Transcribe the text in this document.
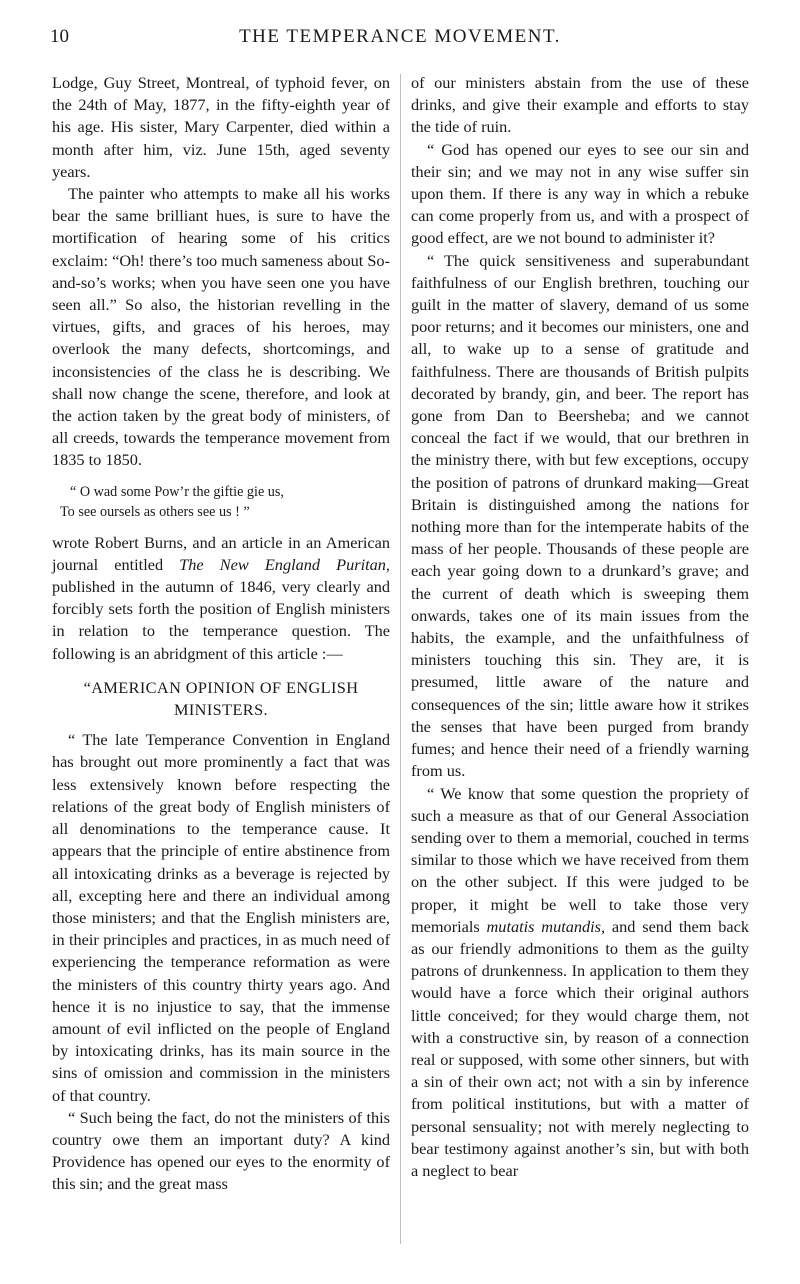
10	THE TEMPERANCE MOVEMENT.

Lodge, Guy Street, Montreal, of typhoid fever, on the 24th of May, 1877, in the fifty-eighth year of his age. His sister, Mary Carpenter, died within a month after him, viz. June 15th, aged seventy years.

The painter who attempts to make all his works bear the same brilliant hues, is sure to have the mortification of hearing some of his critics exclaim: “Oh! there’s too much sameness about So-and-so’s works; when you have seen one you have seen all.” So also, the historian revelling in the virtues, gifts, and graces of his heroes, may overlook the many defects, shortcomings, and inconsistencies of the class he is describing. We shall now change the scene, therefore, and look at the action taken by the great body of ministers, of all creeds, towards the temperance movement from 1835 to 1850.

“ O wad some Pow’r the giftie gie us,
To see oursels as others see us ! ”

wrote Robert Burns, and an article in an American journal entitled The New England Puritan, published in the autumn of 1846, very clearly and forcibly sets forth the position of English ministers in relation to the temperance question. The following is an abridgment of this article :—

“AMERICAN OPINION OF ENGLISH MINISTERS.

“ The late Temperance Convention in England has brought out more prominently a fact that was less extensively known before respecting the relations of the great body of English ministers of all denominations to the temperance cause. It appears that the principle of entire abstinence from all intoxicating drinks as a beverage is rejected by all, excepting here and there an individual among those ministers; and that the English ministers are, in their principles and practices, in as much need of experiencing the temperance reformation as were the ministers of this country thirty years ago. And hence it is no injustice to say, that the immense amount of evil inflicted on the people of England by intoxicating drinks, has its main source in the sins of omission and commission in the ministers of that country.

“ Such being the fact, do not the ministers of this country owe them an important duty? A kind Providence has opened our eyes to the enormity of this sin; and the great mass

of our ministers abstain from the use of these drinks, and give their example and efforts to stay the tide of ruin.

“ God has opened our eyes to see our sin and their sin; and we may not in any wise suffer sin upon them. If there is any way in which a rebuke can come properly from us, and with a prospect of good effect, are we not bound to administer it?

“ The quick sensitiveness and superabundant faithfulness of our English brethren, touching our guilt in the matter of slavery, demand of us some poor returns; and it becomes our ministers, one and all, to wake up to a sense of gratitude and faithfulness. There are thousands of British pulpits decorated by brandy, gin, and beer. The report has gone from Dan to Beersheba; and we cannot conceal the fact if we would, that our brethren in the ministry there, with but few exceptions, occupy the position of patrons of drunkard making—Great Britain is distinguished among the nations for nothing more than for the intemperate habits of the mass of her people. Thousands of these people are each year going down to a drunkard’s grave; and the current of death which is sweeping them onwards, takes one of its main issues from the habits, the example, and the unfaithfulness of ministers touching this sin. They are, it is presumed, little aware of the nature and consequences of the sin; little aware how it strikes the senses that have been purged from brandy fumes; and hence their need of a friendly warning from us.

“ We know that some question the propriety of such a measure as that of our General Association sending over to them a memorial, couched in terms similar to those which we have received from them on the other subject. If this were judged to be proper, it might be well to take those very memorials mutatis mutandis, and send them back as our friendly admonitions to them as the guilty patrons of drunkenness. In application to them they would have a force which their original authors little conceived; for they would charge them, not with a constructive sin, by reason of a connection real or supposed, with some other sinners, but with a sin of their own act; not with a sin by inference from political institutions, but with a matter of personal sensuality; not with merely neglecting to bear testimony against another’s sin, but with both a neglect to bear
